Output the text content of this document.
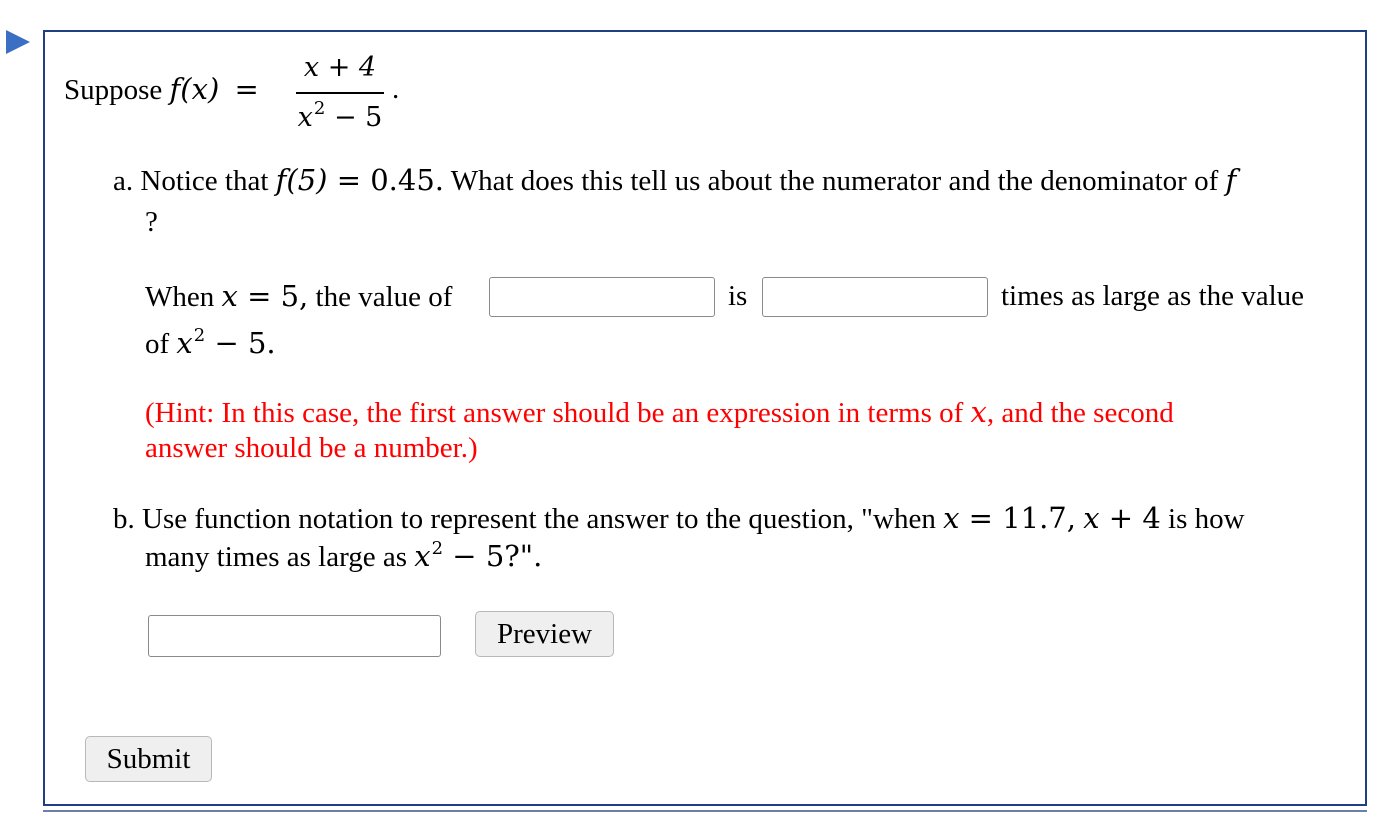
Suppose f(x) =
x + 4
$x^2 - 5$
.
a. Notice that f(5) = 0.45. What does this tell us about the numerator and the denominator of f
?
When x = 5, the value of	is	times as large as the value
of $x^2 - 5$.
(Hint: In this case, the first answer should be an expression in terms of x, and the second
answer should be a number.)
b. Use function notation to represent the answer to the question, "when x = 11.7, x + 4 is how
many times as large as $x^2 - 5$?".
Preview
Submit
